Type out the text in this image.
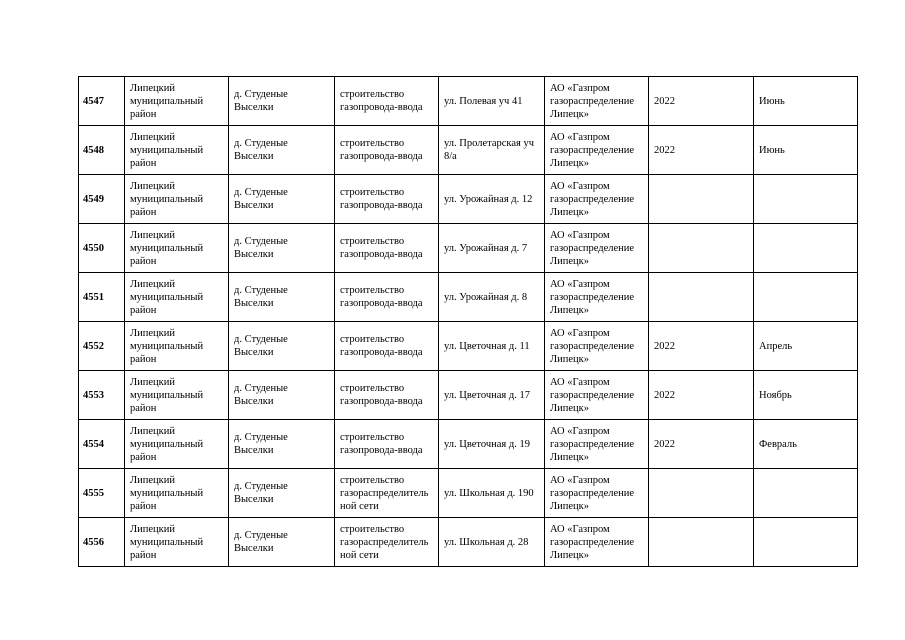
4547	Липецкий муниципальный район	д. Студеные Выселки	строительство газопровода-ввода	ул. Полевая уч 41	АО «Газпром газораспределение Липецк»	2022	Июнь
4548	Липецкий муниципальный район	д. Студеные Выселки	строительство газопровода-ввода	ул. Пролетарская уч 8/а	АО «Газпром газораспределение Липецк»	2022	Июнь
4549	Липецкий муниципальный район	д. Студеные Выселки	строительство газопровода-ввода	ул. Урожайная д. 12	АО «Газпром газораспределение Липецк»		
4550	Липецкий муниципальный район	д. Студеные Выселки	строительство газопровода-ввода	ул. Урожайная д. 7	АО «Газпром газораспределение Липецк»		
4551	Липецкий муниципальный район	д. Студеные Выселки	строительство газопровода-ввода	ул. Урожайная д. 8	АО «Газпром газораспределение Липецк»		
4552	Липецкий муниципальный район	д. Студеные Выселки	строительство газопровода-ввода	ул. Цветочная д. 11	АО «Газпром газораспределение Липецк»	2022	Апрель
4553	Липецкий муниципальный район	д. Студеные Выселки	строительство газопровода-ввода	ул. Цветочная д. 17	АО «Газпром газораспределение Липецк»	2022	Ноябрь
4554	Липецкий муниципальный район	д. Студеные Выселки	строительство газопровода-ввода	ул. Цветочная д. 19	АО «Газпром газораспределение Липецк»	2022	Февраль
4555	Липецкий муниципальный район	д. Студеные Выселки	строительство газораспределительной сети	ул. Школьная д. 190	АО «Газпром газораспределение Липецк»		
4556	Липецкий муниципальный район	д. Студеные Выселки	строительство газораспределительной сети	ул. Школьная д. 28	АО «Газпром газораспределение Липецк»		
